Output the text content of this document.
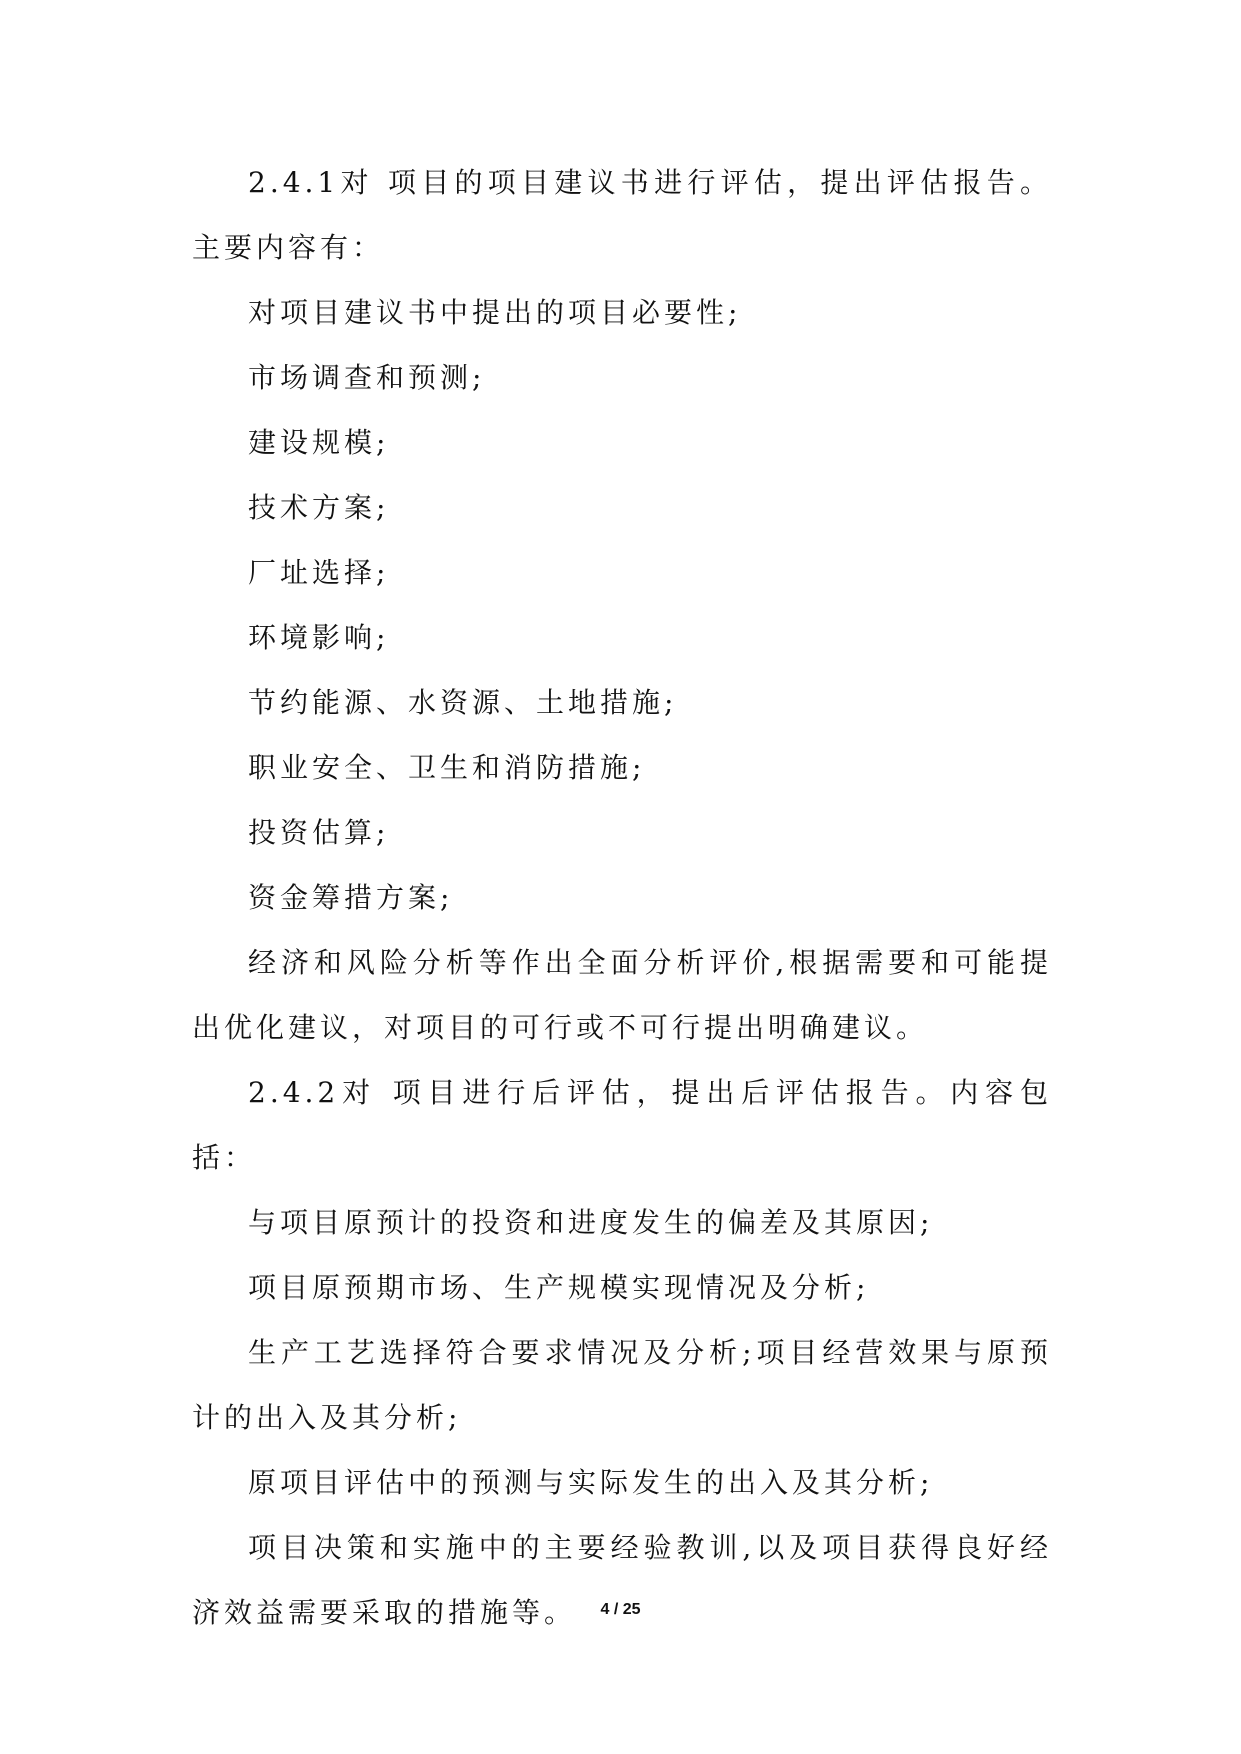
2.4.1对 项目的项目建议书进行评估，提出评估报告。主要内容有：

对项目建议书中提出的项目必要性;

市场调查和预测;

建设规模;

技术方案;

厂址选择;

环境影响;

节约能源、水资源、土地措施;

职业安全、卫生和消防措施;

投资估算;

资金筹措方案;

经济和风险分析等作出全面分析评价,根据需要和可能提出优化建议，对项目的可行或不可行提出明确建议。

2.4.2对 项目进行后评估，提出后评估报告。内容包括：

与项目原预计的投资和进度发生的偏差及其原因;

项目原预期市场、生产规模实现情况及分析;

生产工艺选择符合要求情况及分析;项目经营效果与原预计的出入及其分析;

原项目评估中的预测与实际发生的出入及其分析;

项目决策和实施中的主要经验教训,以及项目获得良好经济效益需要采取的措施等。	4 / 25
